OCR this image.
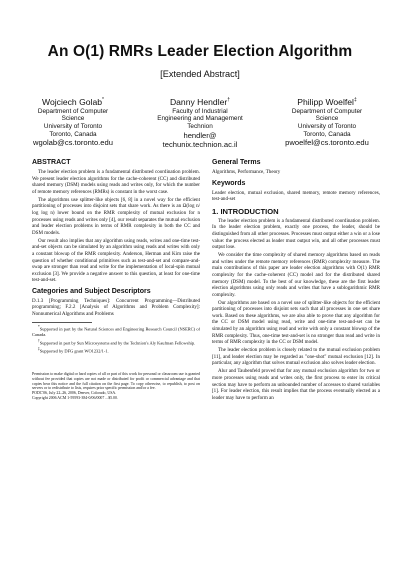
An O(1) RMRs Leader Election Algorithm
[Extended Abstract]
Wojciech Golab*
Department of Computer
Science
University of Toronto
Toronto, Canada
wgolab@cs.toronto.edu
Danny Hendler†
Faculty of Industrial
Engineering and Management
Technion
hendler@
techunix.technion.ac.il
Philipp Woelfel‡
Department of Computer
Science
University of Toronto
Toronto, Canada
pwoelfel@cs.toronto.edu
ABSTRACT

The leader election problem is a fundamental distributed coordination problem. We present leader election algorithms for the cache-coherent (CC) and distributed shared memory (DSM) models using reads and writes only, for which the number of remote memory references (RMRs) is constant in the worst case.

The algorithms use splitter-like objects [6, 8] in a novel way for the efficient partitioning of processes into disjoint sets that share work. As there is an Ω(log n/ log log n) lower bound on the RMR complexity of mutual exclusion for n processes using reads and writes only [4], our result separates the mutual exclusion and leader election problems in terms of RMR complexity in both the CC and DSM models.

Our result also implies that any algorithm using reads, writes and one-time test-and-set objects can be simulated by an algorithm using reads and writes with only a constant blowup of the RMR complexity. Anderson, Herman and Kim raise the question of whether conditional primitives such as test-and-set and compare-and-swap are stronger than read and write for the implementation of local-spin mutual exclusion [3]. We provide a negative answer to this question, at least for one-time test-and-set.

Categories and Subject Descriptors

D.1.3 [Programming Techniques]: Concurrent Programming—Distributed programming; F.2.2 [Analysis of Algorithms and Problem Complexity]: Nonnumerical Algorithms and Problems

*Supported in part by the Natural Sciences and Engineering Research Council (NSERC) of Canada.

†Supported in part by Sun Microsystems and by the Technion's Aly Kaufman Fellowship.

‡Supported by DFG grant WO1232/1-1.

Permission to make digital or hard copies of all or part of this work for personal or classroom use is granted without fee provided that copies are not made or distributed for profit or commercial advantage and that copies bear this notice and the full citation on the first page. To copy otherwise, to republish, to post on servers or to redistribute to lists, requires prior specific permission and/or a fee.
PODC'06, July 22–26, 2006, Denver, Colorado, USA.
Copyright 2006 ACM 1-59593-384-0/06/0007 ...$5.00.
General Terms

Algorithms, Performance, Theory

Keywords

Leader election, mutual exclusion, shared memory, remote memory references, test-and-set

1. INTRODUCTION

The leader election problem is a fundamental distributed coordination problem. In the leader election problem, exactly one process, the leader, should be distinguished from all other processes. Processes must output either a win or a lose value: the process elected as leader must output win, and all other processes must output lose.

We consider the time complexity of shared memory algorithms based on reads and writes under the remote memory references (RMR) complexity measure. The main contributions of this paper are leader election algorithms with O(1) RMR complexity for the cache-coherent (CC) model and for the distributed shared memory (DSM) model. To the best of our knowledge, these are the first leader election algorithms using only reads and writes that have a sublogarithmic RMR complexity.

Our algorithms are based on a novel use of splitter-like objects for the efficient partitioning of processes into disjoint sets such that all processes in one set share work. Based on these algorithms, we are also able to prove that any algorithm for the CC or DSM model using read, write and one-time test-and-set can be simulated by an algorithm using read and write with only a constant blowup of the RMR complexity. Thus, one-time test-and-set is no stronger than read and write in terms of RMR complexity in the CC or DSM model.

The leader election problem is closely related to the mutual exclusion problem [11], and leader election may be regarded as "one-shot" mutual exclusion [12]. In particular, any algorithm that solves mutual exclusion also solves leader election.

Alur and Taubenfeld proved that for any mutual exclusion algorithm for two or more processes using reads and writes only, the first process to enter its critical section may have to perform an unbounded number of accesses to shared variables [1]. For leader election, this result implies that the process eventually elected as a leader may have to perform an
